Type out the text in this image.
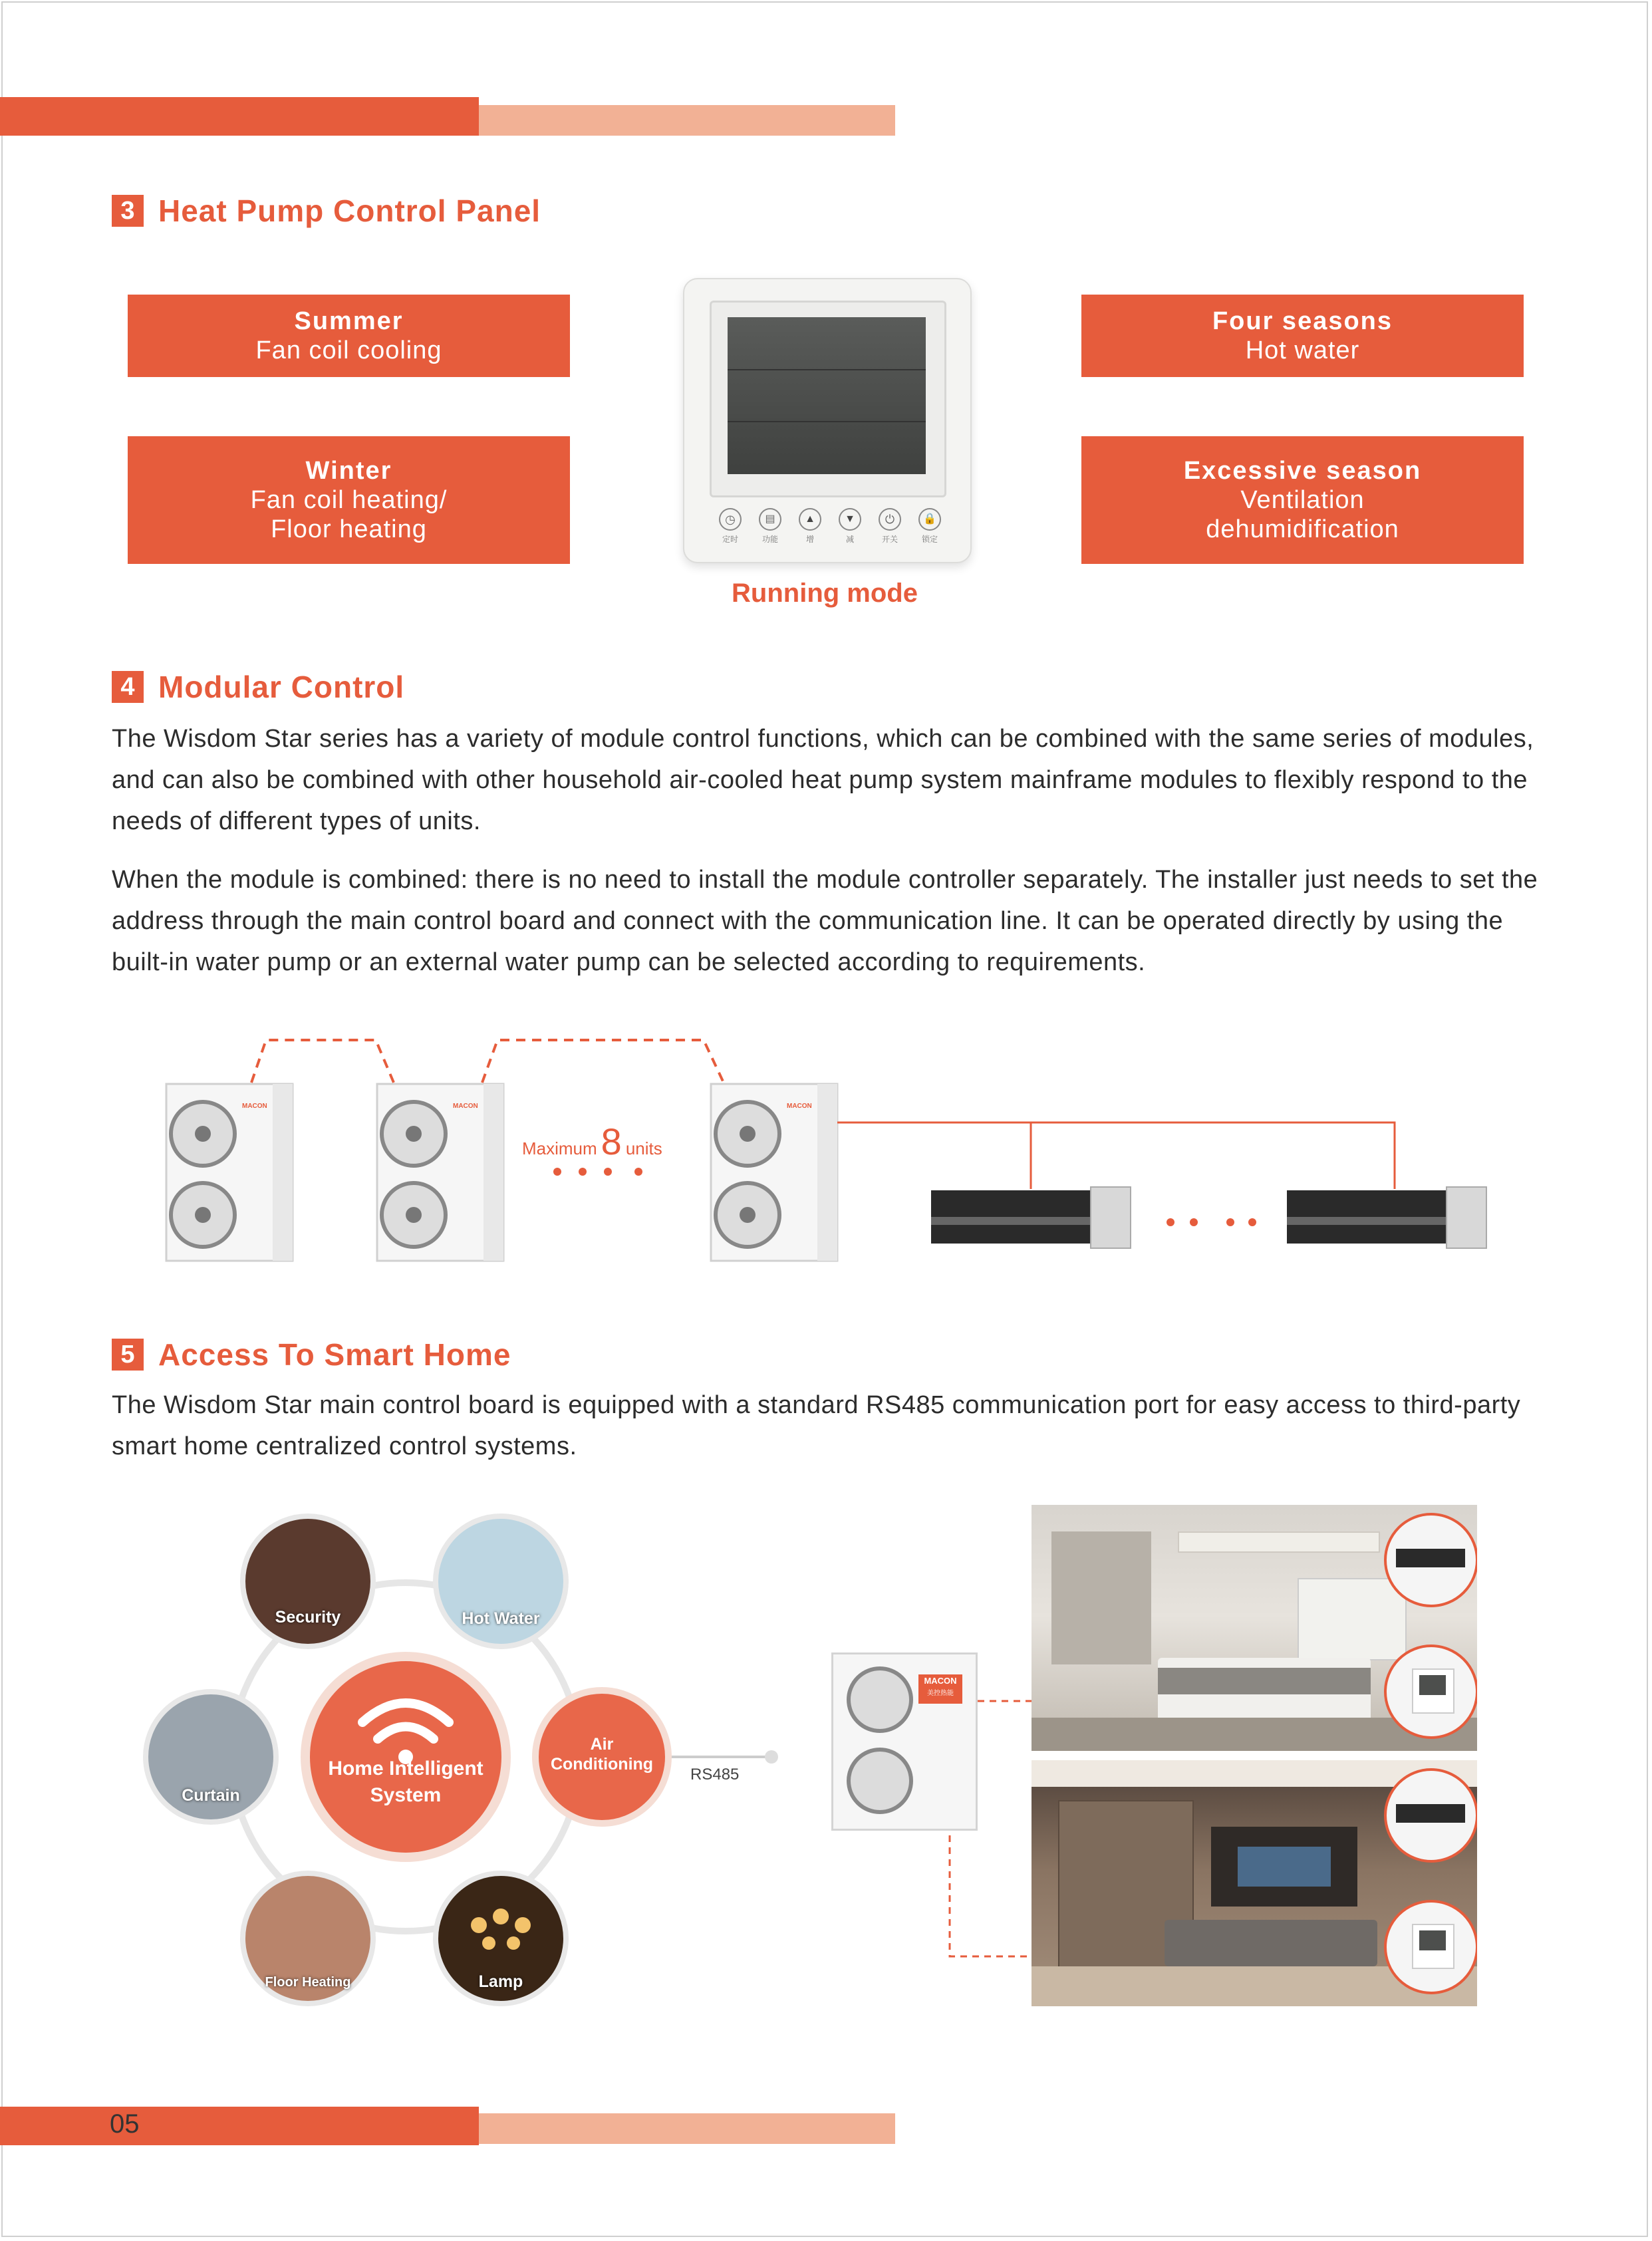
3 Heat Pump Control Panel
Summer
Fan coil cooling
Winter
Fan coil heating/
Floor heating
Four seasons
Hot water
Excessive season
Ventilation
dehumidification
◷
定时
▤
功能
▲
增
▼
减
⏻
开关
🔒
锁定
Running mode
4 Modular Control
The Wisdom Star series has a variety of module control functions, which can be combined with the same series of modules, and can also be combined with other household air-cooled heat pump system mainframe modules to flexibly respond to the needs of different types of units.
When the module is combined: there is no need to install the module controller separately. The installer just needs to set the address through the main control board and connect with the communication line. It can be operated directly by using the built-in water pump or an external water pump can be selected according to requirements.
MACON	MACON	MACON
Maximum 8 units
5 Access To Smart Home
The Wisdom Star main control board is equipped with a standard RS485 communication port for easy access to third-party smart home centralized control systems.
Home Intelligent
System
Security	Hot Water
Curtain
Air
Conditioning
Floor Heating	Lamp
RS485
MACON
美控热能
05
